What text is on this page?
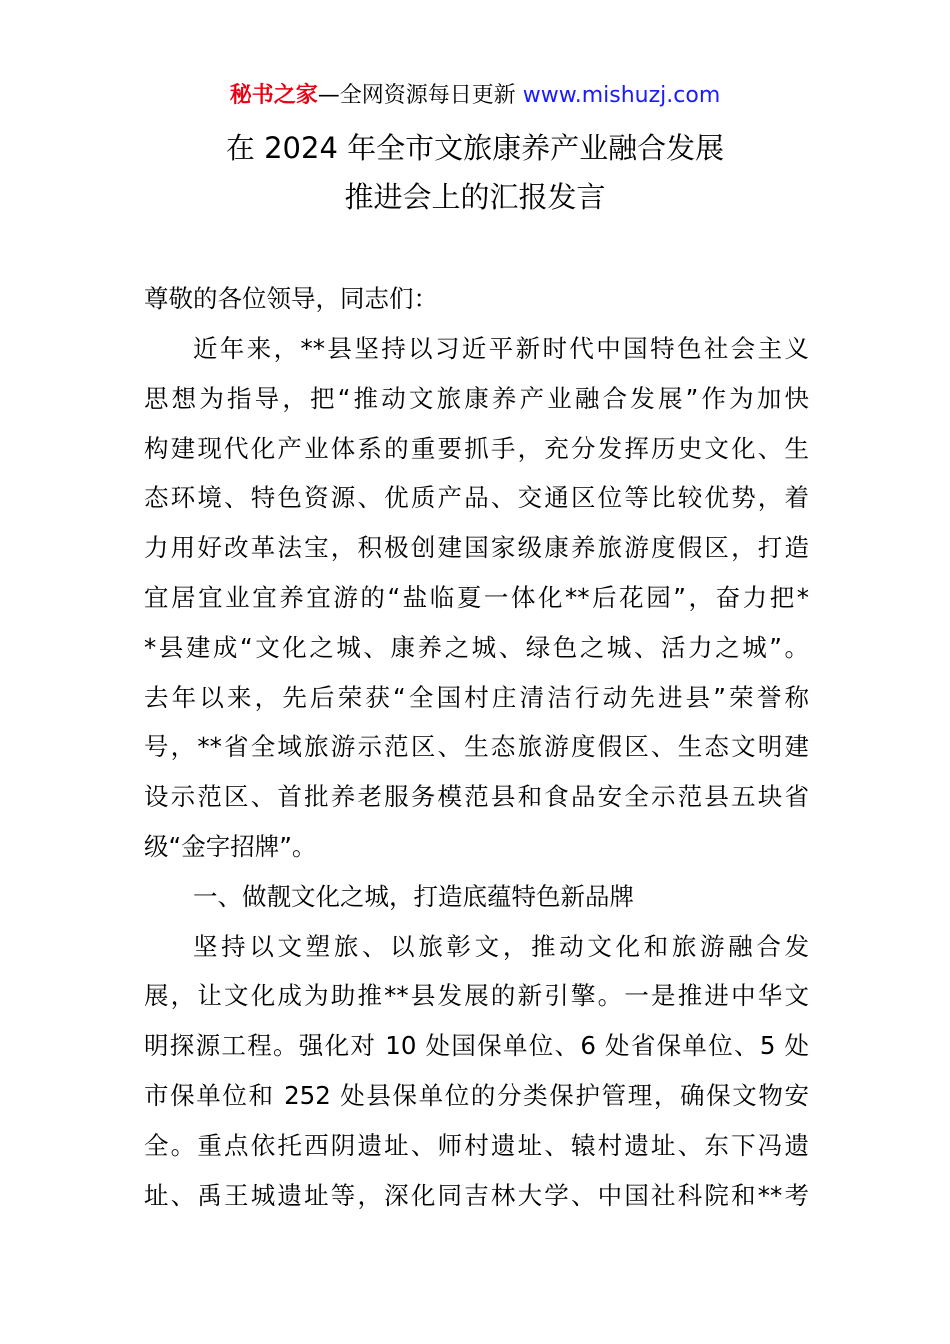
秘书之家—全网资源每日更新 www.mishuzj.com
在 2024 年全市文旅康养产业融合发展
推进会上的汇报发言
尊敬的各位领导，同志们：
近年来，**县坚持以习近平新时代中国特色社会主义
思想为指导，把“推动文旅康养产业融合发展”作为加快
构建现代化产业体系的重要抓手，充分发挥历史文化、生
态环境、特色资源、优质产品、交通区位等比较优势，着
力用好改革法宝，积极创建国家级康养旅游度假区，打造
宜居宜业宜养宜游的“盐临夏一体化**后花园”，奋力把*
*县建成“文化之城、康养之城、绿色之城、活力之城”。
去年以来，先后荣获“全国村庄清洁行动先进县”荣誉称
号，**省全域旅游示范区、生态旅游度假区、生态文明建
设示范区、首批养老服务模范县和食品安全示范县五块省
级“金字招牌”。
一、做靓文化之城，打造底蕴特色新品牌
坚持以文塑旅、以旅彰文，推动文化和旅游融合发
展，让文化成为助推**县发展的新引擎。一是推进中华文
明探源工程。强化对 10 处国保单位、6 处省保单位、5 处
市保单位和 252 处县保单位的分类保护管理，确保文物安
全。重点依托西阴遗址、师村遗址、辕村遗址、东下冯遗
址、禹王城遗址等，深化同吉林大学、中国社科院和**考
